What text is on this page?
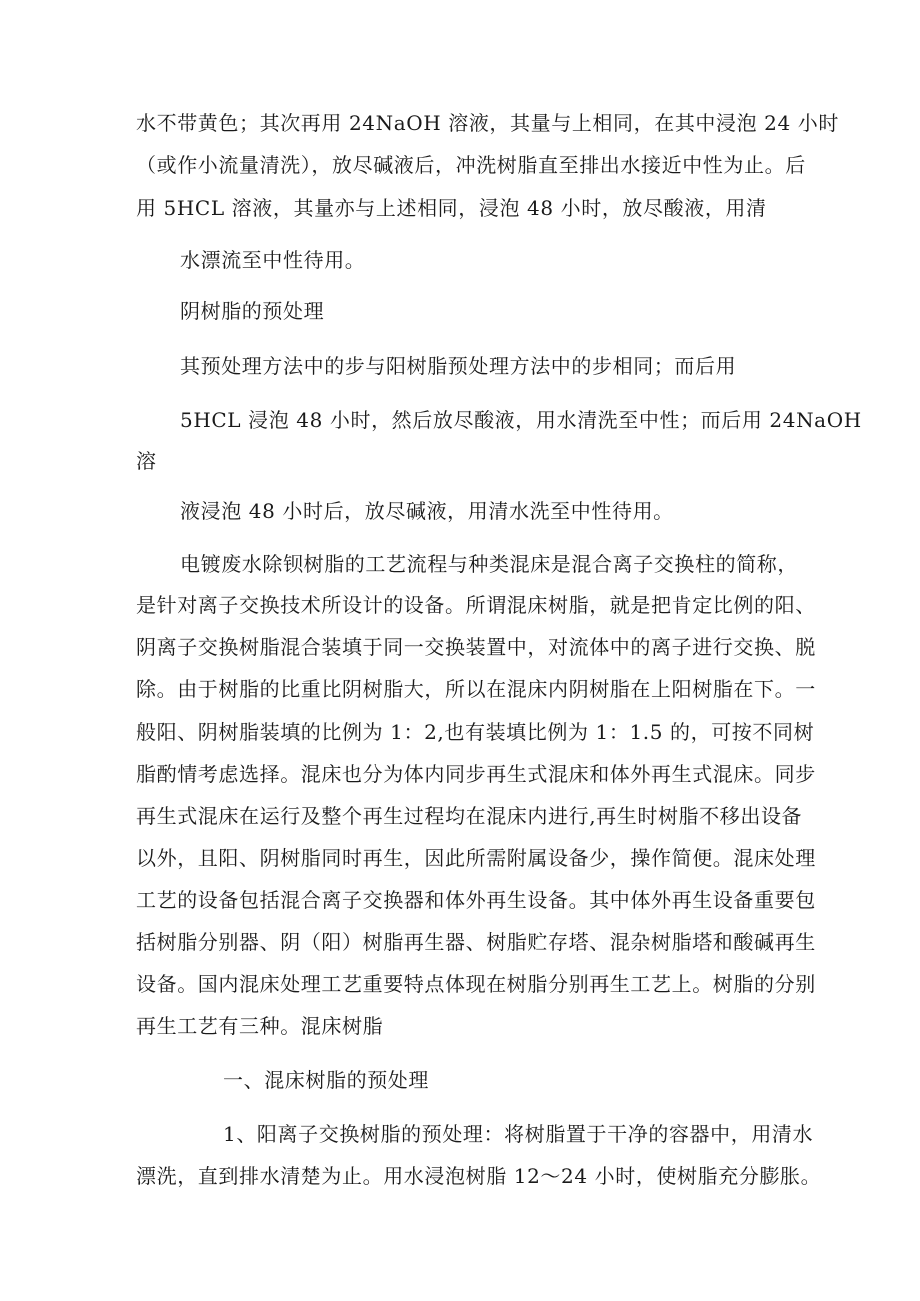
水不带黄色；其次再用 24NaOH 溶液，其量与上相同，在其中浸泡 24 小时
（或作小流量清洗），放尽碱液后，冲洗树脂直至排出水接近中性为止。后
用 5HCL 溶液，其量亦与上述相同，浸泡 48 小时，放尽酸液，用清
水漂流至中性待用。
阴树脂的预处理
其预处理方法中的步与阳树脂预处理方法中的步相同；而后用
5HCL 浸泡 48 小时，然后放尽酸液，用水清洗至中性；而后用 24NaOH
溶
液浸泡 48 小时后，放尽碱液，用清水洗至中性待用。
电镀废水除钡树脂的工艺流程与种类混床是混合离子交换柱的简称，
是针对离子交换技术所设计的设备。所谓混床树脂，就是把肯定比例的阳、
阴离子交换树脂混合装填于同一交换装置中，对流体中的离子进行交换、脱
除。由于树脂的比重比阴树脂大，所以在混床内阴树脂在上阳树脂在下。一
般阳、阴树脂装填的比例为 1：2,也有装填比例为 1：1.5 的，可按不同树
脂酌情考虑选择。混床也分为体内同步再生式混床和体外再生式混床。同步
再生式混床在运行及整个再生过程均在混床内进行,再生时树脂不移出设备
以外，且阳、阴树脂同时再生，因此所需附属设备少，操作简便。混床处理
工艺的设备包括混合离子交换器和体外再生设备。其中体外再生设备重要包
括树脂分别器、阴（阳）树脂再生器、树脂贮存塔、混杂树脂塔和酸碱再生
设备。国内混床处理工艺重要特点体现在树脂分别再生工艺上。树脂的分别
再生工艺有三种。混床树脂
一、混床树脂的预处理
1、阳离子交换树脂的预处理：将树脂置于干净的容器中，用清水
漂洗，直到排水清楚为止。用水浸泡树脂 12～24 小时，使树脂充分膨胀。
